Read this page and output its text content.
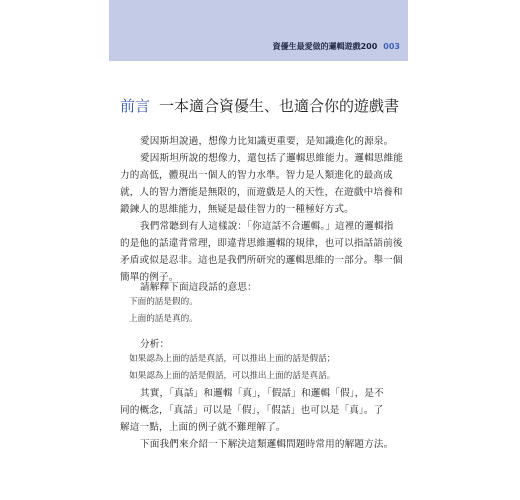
資優生最愛做的邏輯遊戲200 003
前言 一本適合資優生、也適合你的遊戲書
愛因斯坦說過，想像力比知識更重要，是知識進化的源泉。
愛因斯坦所說的想像力，還包括了邏輯思維能力。邏輯思維能
力的高低，體現出一個人的智力水準。智力是人類進化的最高成
就，人的智力潛能是無限的，而遊戲是人的天性，在遊戲中培養和
鍛鍊人的思維能力，無疑是最佳智力的一種極好方式。
我們常聽到有人這樣說：「你這話不合邏輯。」這裡的邏輯指
的是他的話違背常理，即違背思維邏輯的規律，也可以指話語前後
矛盾或似是忍非。這也是我們所研究的邏輯思維的一部分。舉一個
簡單的例子。
請解釋下面這段話的意思：
下面的話是假的。
上面的話是真的。
分析：
如果認為上面的話是真話，可以推出上面的話是假話；
如果認為上面的話是假話，可以推出上面的話是真話。
其實，「真話」和邏輯「真」，「假話」和邏輯「假」，是不
同的概念，「真話」可以是「假」，「假話」也可以是「真」。了
解這一點，上面的例子就不難理解了。
下面我們來介紹一下解決這類邏輯問題時常用的解題方法。
